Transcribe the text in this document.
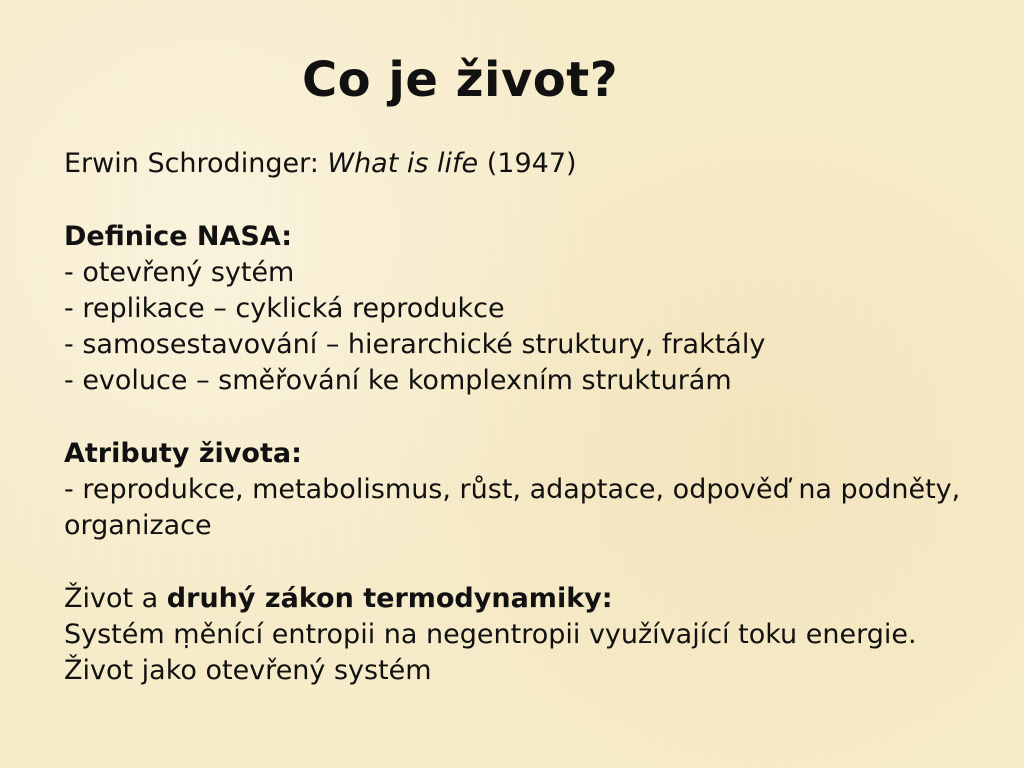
Co je život?
Erwin Schrodinger: What is life (1947)
Definice NASA:
- otevřený sytém
- replikace – cyklická reprodukce
- samosestavování – hierarchické struktury, fraktály
- evoluce – směřování ke komplexním strukturám
Atributy života:
- reprodukce, metabolismus, růst, adaptace, odpověď na podněty, organizace
Život a druhý zákon termodynamiky:
Systém ṃěnící entropii na negentropii využívající toku energie. Život jako otevřený systém
